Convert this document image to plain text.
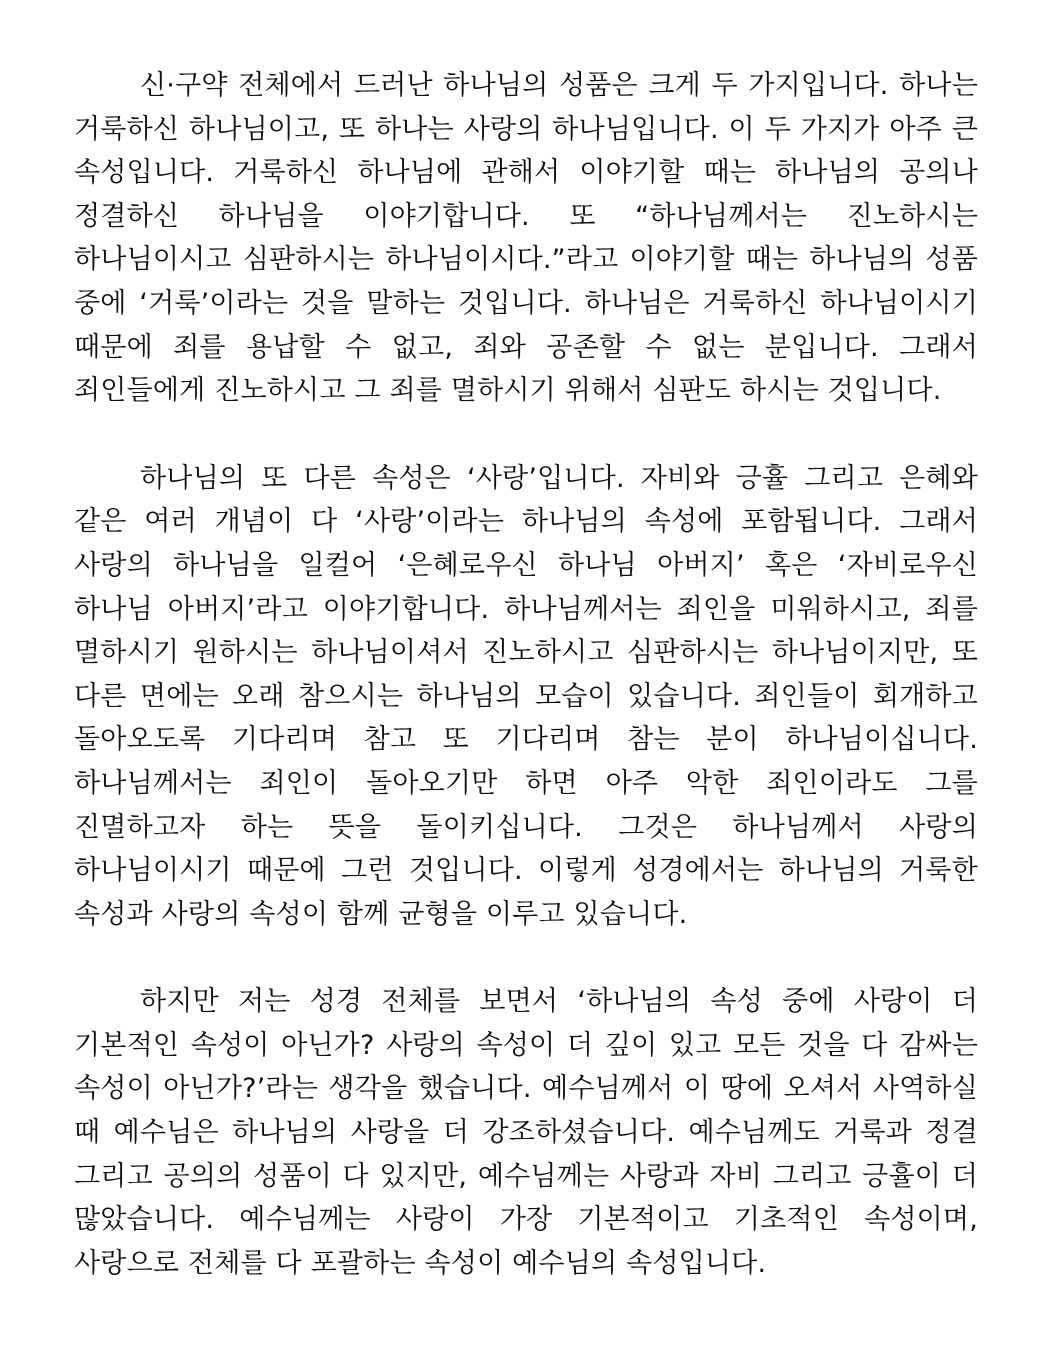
신·구약 전체에서 드러난 하나님의 성품은 크게 두 가지입니다. 하나는 거룩하신 하나님이고, 또 하나는 사랑의 하나님입니다. 이 두 가지가 아주 큰 속성입니다. 거룩하신 하나님에 관해서 이야기할 때는 하나님의 공의나 정결하신 하나님을 이야기합니다. 또 “하나님께서는 진노하시는 하나님이시고 심판하시는 하나님이시다.”라고 이야기할 때는 하나님의 성품 중에 ‘거룩’이라는 것을 말하는 것입니다. 하나님은 거룩하신 하나님이시기 때문에 죄를 용납할 수 없고, 죄와 공존할 수 없는 분입니다. 그래서 죄인들에게 진노하시고 그 죄를 멸하시기 위해서 심판도 하시는 것입니다.

하나님의 또 다른 속성은 ‘사랑’입니다. 자비와 긍휼 그리고 은혜와 같은 여러 개념이 다 ‘사랑’이라는 하나님의 속성에 포함됩니다. 그래서 사랑의 하나님을 일컬어 ‘은혜로우신 하나님 아버지’ 혹은 ‘자비로우신 하나님 아버지’라고 이야기합니다. 하나님께서는 죄인을 미워하시고, 죄를 멸하시기 원하시는 하나님이셔서 진노하시고 심판하시는 하나님이지만, 또 다른 면에는 오래 참으시는 하나님의 모습이 있습니다. 죄인들이 회개하고 돌아오도록 기다리며 참고 또 기다리며 참는 분이 하나님이십니다. 하나님께서는 죄인이 돌아오기만 하면 아주 악한 죄인이라도 그를 진멸하고자 하는 뜻을 돌이키십니다. 그것은 하나님께서 사랑의 하나님이시기 때문에 그런 것입니다. 이렇게 성경에서는 하나님의 거룩한 속성과 사랑의 속성이 함께 균형을 이루고 있습니다.

하지만 저는 성경 전체를 보면서 ‘하나님의 속성 중에 사랑이 더 기본적인 속성이 아닌가? 사랑의 속성이 더 깊이 있고 모든 것을 다 감싸는 속성이 아닌가?’라는 생각을 했습니다. 예수님께서 이 땅에 오셔서 사역하실 때 예수님은 하나님의 사랑을 더 강조하셨습니다. 예수님께도 거룩과 정결 그리고 공의의 성품이 다 있지만, 예수님께는 사랑과 자비 그리고 긍휼이 더 많았습니다. 예수님께는 사랑이 가장 기본적이고 기초적인 속성이며, 사랑으로 전체를 다 포괄하는 속성이 예수님의 속성입니다.
